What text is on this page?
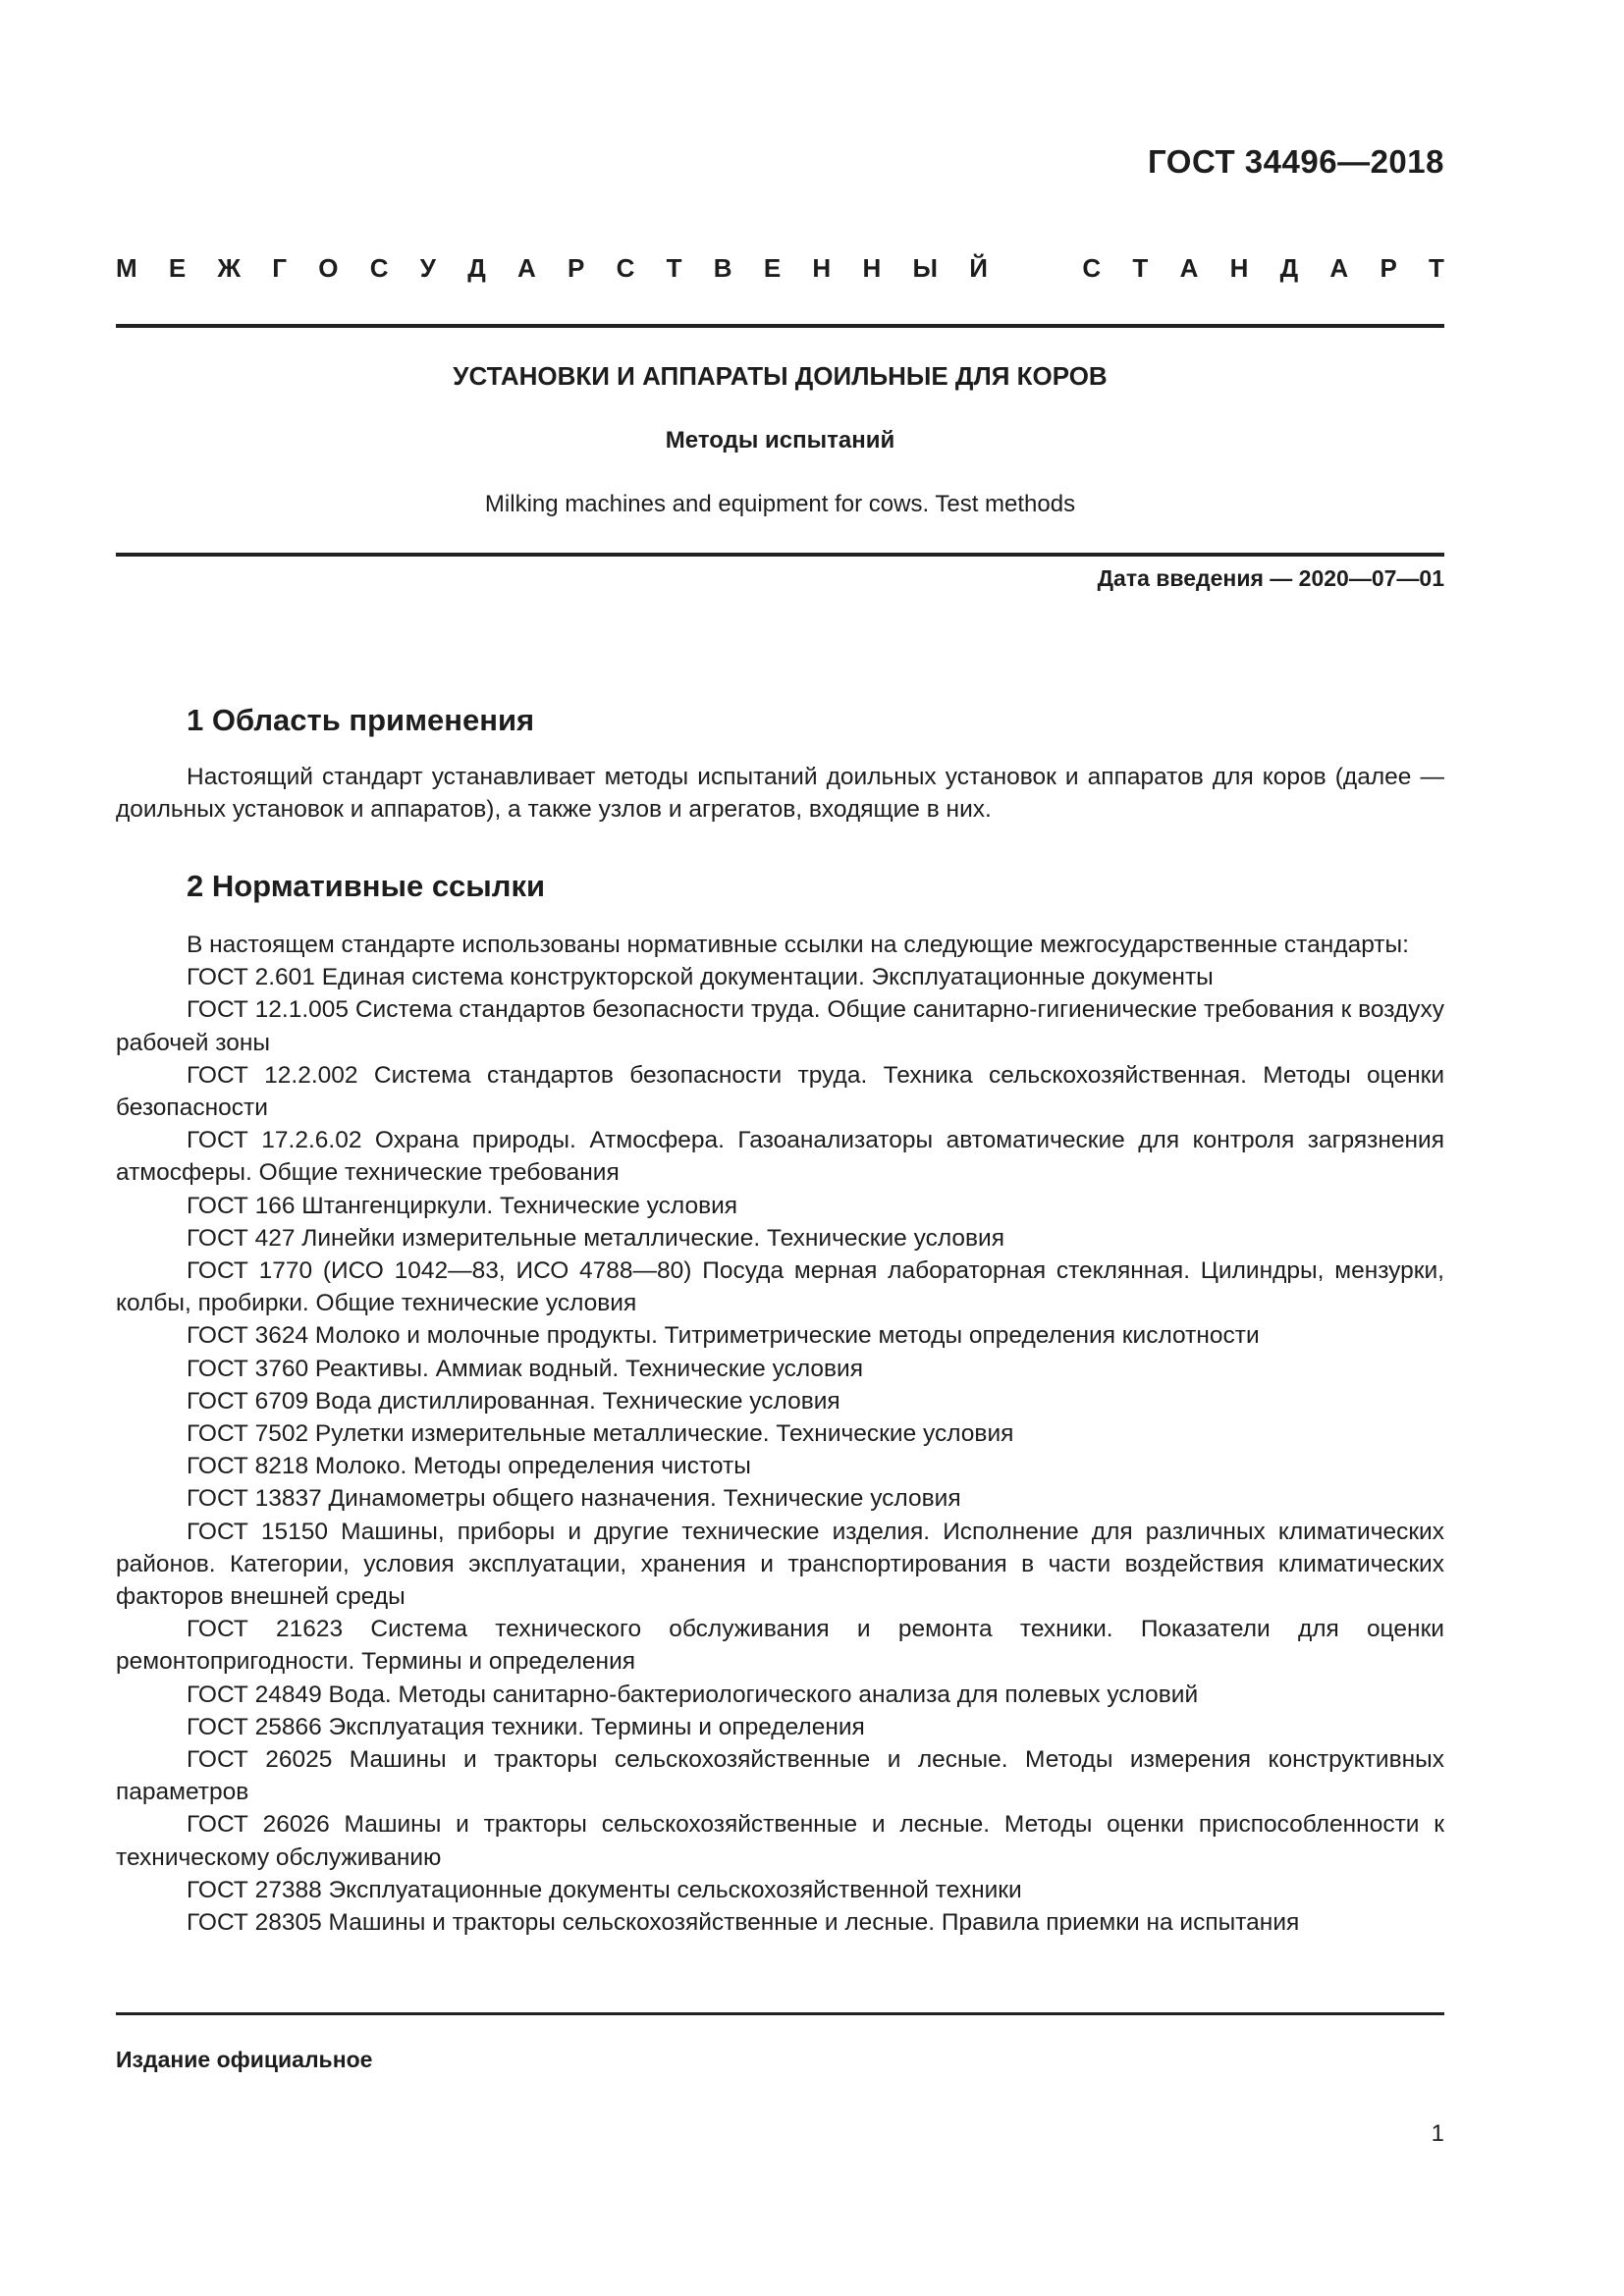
ГОСТ 34496—2018
М Е Ж Г О С У Д А Р С Т В Е Н Н Ы Й	С Т А Н Д А Р Т
УСТАНОВКИ И АППАРАТЫ ДОИЛЬНЫЕ ДЛЯ КОРОВ
Методы испытаний
Milking machines and equipment for cows. Test methods
Дата введения — 2020—07—01
1 Область применения

Настоящий стандарт устанавливает методы испытаний доильных установок и аппаратов для коров (далее — доильных установок и аппаратов), а также узлов и агрегатов, входящие в них.

2 Нормативные ссылки

В настоящем стандарте использованы нормативные ссылки на следующие межгосударственные стандарты:

ГОСТ 2.601 Единая система конструкторской документации. Эксплуатационные документы

ГОСТ 12.1.005 Система стандартов безопасности труда. Общие санитарно-гигиенические требования к воздуху рабочей зоны

ГОСТ 12.2.002 Система стандартов безопасности труда. Техника сельскохозяйственная. Методы оценки безопасности

ГОСТ 17.2.6.02 Охрана природы. Атмосфера. Газоанализаторы автоматические для контроля загрязнения атмосферы. Общие технические требования

ГОСТ 166 Штангенциркули. Технические условия

ГОСТ 427 Линейки измерительные металлические. Технические условия

ГОСТ 1770 (ИСО 1042—83, ИСО 4788—80) Посуда мерная лабораторная стеклянная. Цилиндры, мензурки, колбы, пробирки. Общие технические условия

ГОСТ 3624 Молоко и молочные продукты. Титриметрические методы определения кислотности

ГОСТ 3760 Реактивы. Аммиак водный. Технические условия

ГОСТ 6709 Вода дистиллированная. Технические условия

ГОСТ 7502 Рулетки измерительные металлические. Технические условия

ГОСТ 8218 Молоко. Методы определения чистоты

ГОСТ 13837 Динамометры общего назначения. Технические условия

ГОСТ 15150 Машины, приборы и другие технические изделия. Исполнение для различных климатических районов. Категории, условия эксплуатации, хранения и транспортирования в части воздействия климатических факторов внешней среды

ГОСТ 21623 Система технического обслуживания и ремонта техники. Показатели для оценки ремонтопригодности. Термины и определения

ГОСТ 24849 Вода. Методы санитарно-бактериологического анализа для полевых условий

ГОСТ 25866 Эксплуатация техники. Термины и определения

ГОСТ 26025 Машины и тракторы сельскохозяйственные и лесные. Методы измерения конструктивных параметров

ГОСТ 26026 Машины и тракторы сельскохозяйственные и лесные. Методы оценки приспособленности к техническому обслуживанию

ГОСТ 27388 Эксплуатационные документы сельскохозяйственной техники

ГОСТ 28305 Машины и тракторы сельскохозяйственные и лесные. Правила приемки на испытания

Издание официальное
1
